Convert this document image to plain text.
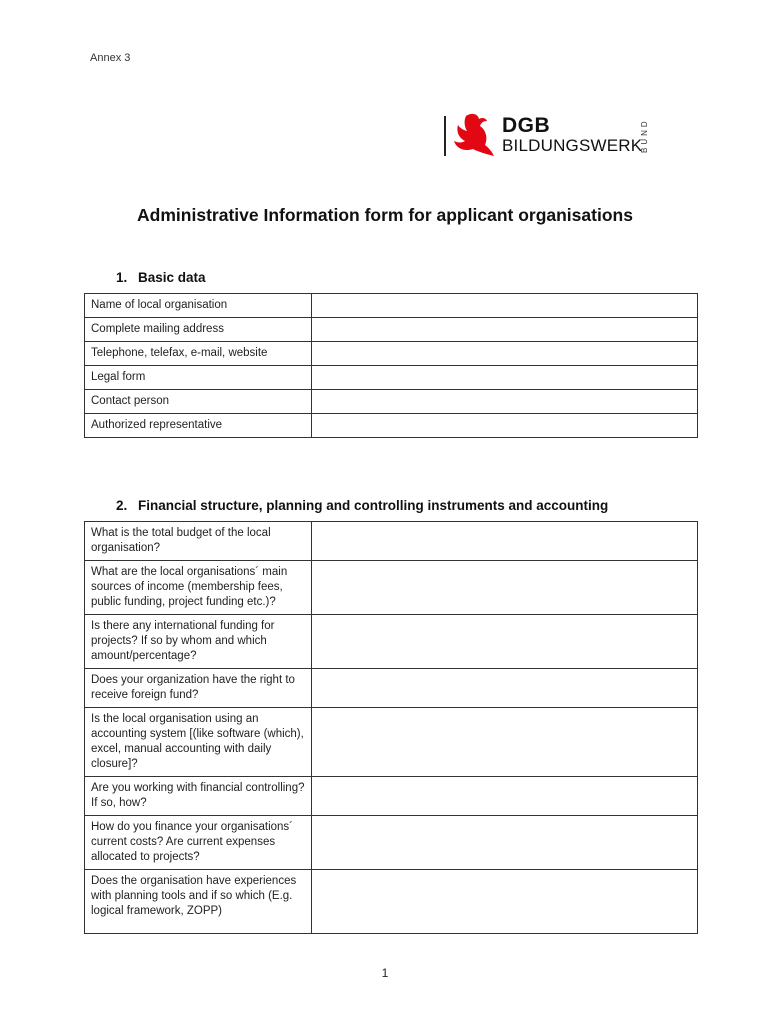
Annex 3
DGB
BILDUNGSWERK
BUND
Administrative Information form for applicant organisations
1. Basic data
Name of local organisation	
Complete mailing address	
Telephone, telefax, e-mail, website	
Legal form	
Contact person	
Authorized representative	
2. Financial structure, planning and controlling instruments and accounting
What is the total budget of the local organisation?	
What are the local organisations´ main sources of income (membership fees, public funding, project funding etc.)?	
Is there any international funding for projects? If so by whom and which amount/percentage?	
Does your organization have the right to receive foreign fund?	
Is the local organisation using an accounting system [(like software (which), excel, manual accounting with daily closure]?	
Are you working with financial controlling? If so, how?	
How do you finance your organisations´ current costs? Are current expenses allocated to projects?	
Does the organisation have experiences with planning tools and if so which (E.g. logical framework, ZOPP)	
1
